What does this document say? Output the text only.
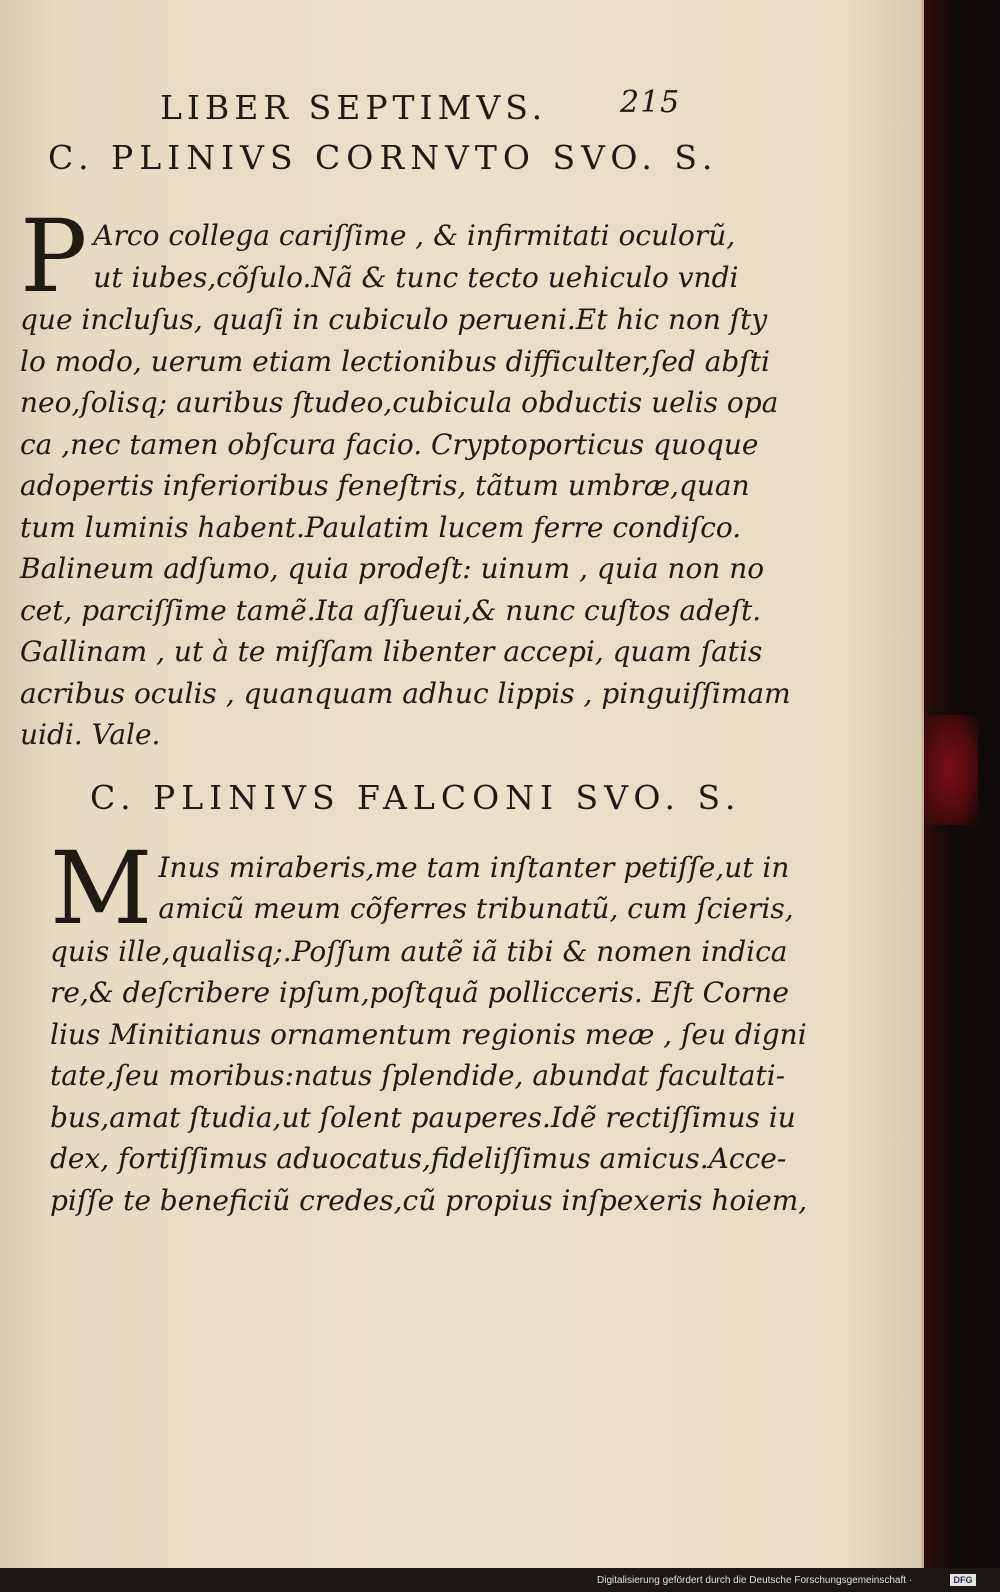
LIBER SEPTIMVS. 215
C. PLINIVS CORNVTO SVO. S.
P Arco collega cariſſime , & infirmitati oculorũ,
ut iubes,cõſulo.Nã & tunc tecto uehiculo vndi
que incluſus, quaſi in cubiculo perueni.Et hic non ſty
lo modo, uerum etiam lectionibus difficulter,ſed abſti
neo,ſolisq; auribus ſtudeo,cubicula obductis uelis opa
ca ,nec tamen obſcura facio. Cryptoporticus quoque
adopertis inferioribus feneſtris, tãtum umbræ,quan
tum luminis habent.Paulatim lucem ferre condiſco.
Balineum adſumo, quia prodeſt: uinum , quia non no
cet, parciſſime tamẽ.Ita aſſueui,& nunc cuſtos adeſt.
Gallinam , ut à te miſſam libenter accepi, quam ſatis
acribus oculis , quanquam adhuc lippis , pinguiſſimam
uidi. Vale.
C. PLINIVS FALCONI SVO. S.
M Inus miraberis,me tam inſtanter petiſſe,ut in
amicũ meum cõferres tribunatũ, cum ſcieris,
quis ille,qualisq;.Poſſum autẽ iã tibi & nomen indica
re,& deſcribere ipſum,poſtquã pollicceris. Eſt Corne
lius Minitianus ornamentum regionis meæ , ſeu digni
tate,ſeu moribus:natus ſplendide, abundat facultati-
bus,amat ſtudia,ut ſolent pauperes.Idẽ rectiſſimus iu
dex, fortiſſimus aduocatus,fideliſſimus amicus.Acce-
piſſe te beneficiũ credes,cũ propius inſpexeris hoiem,
Digitalisierung gefördert durch die Deutsche Forschungsgemeinschaft ·	DFG
